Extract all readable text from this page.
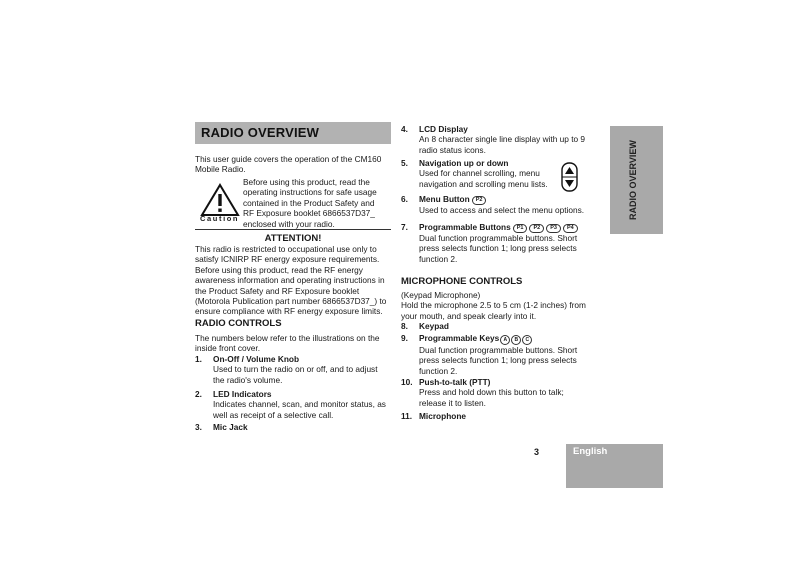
RADIO OVERVIEW
This user guide covers the operation of the CM160
Mobile Radio.
Caution
Before using this product, read the
operating instructions for safe usage
contained in the Product Safety and
RF Exposure booklet 6866537D37_
enclosed with your radio.
ATTENTION!
This radio is restricted to occupational use only to
satisfy ICNIRP RF energy exposure requirements.
Before using this product, read the RF energy
awareness information and operating instructions in
the Product Safety and RF Exposure booklet
(Motorola Publication part number 6866537D37_) to
ensure compliance with RF energy exposure limits.
RADIO CONTROLS
The numbers below refer to the illustrations on the
inside front cover.
1. On-Off / Volume Knob
Used to turn the radio on or off, and to adjust
the radio's volume.
2. LED Indicators
Indicates channel, scan, and monitor status, as
well as receipt of a selective call.
3. Mic Jack
4. LCD Display
An 8 character single line display with up to 9
radio status icons.
5. Navigation up or down
Used for channel scrolling, menu
navigation and scrolling menu lists.
6. Menu Button P2
Used to access and select the menu options.
7. Programmable Buttons P1 P2 P3 P4
Dual function programmable buttons. Short
press selects function 1; long press selects
function 2.
MICROPHONE CONTROLS
(Keypad Microphone)
Hold the microphone 2.5 to 5 cm (1-2 inches) from
your mouth, and speak clearly into it.
8. Keypad
9. Programmable Keys A B C
Dual function programmable buttons. Short
press selects function 1; long press selects
function 2.
10. Push-to-talk (PTT)
Press and hold down this button to talk;
release it to listen.
11. Microphone
RADIO OVERVIEW
3	English
